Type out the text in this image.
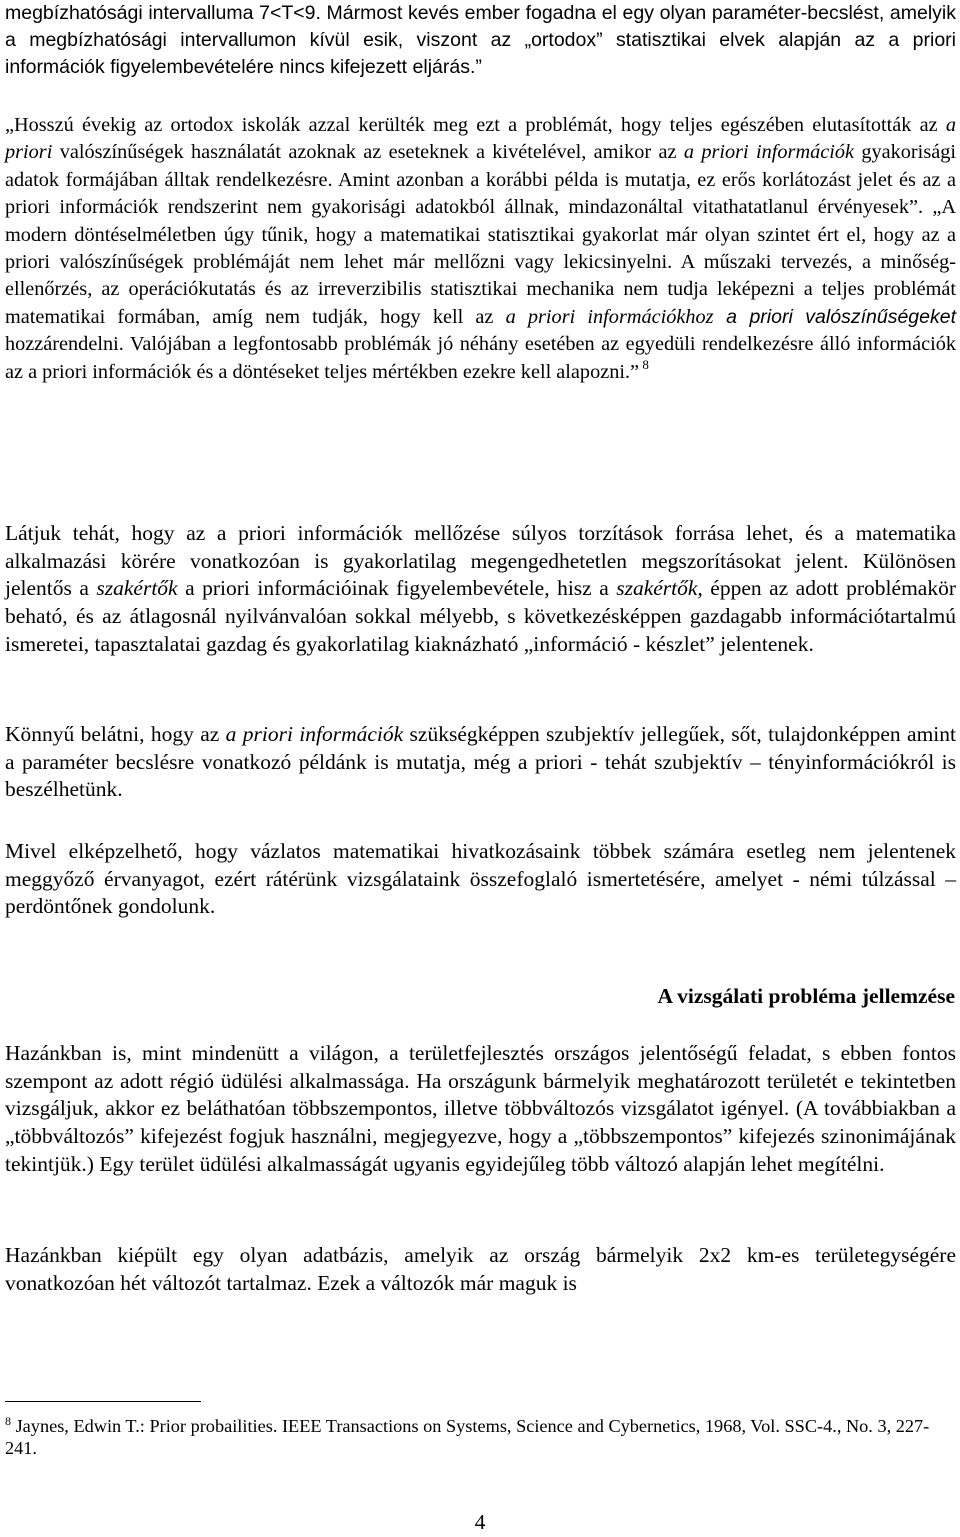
megbízhatósági intervalluma 7<T<9. Mármost kevés ember fogadna el egy olyan paraméter-becslést, amelyik a megbízhatósági intervallumon kívül esik, viszont az „ortodox” statisztikai elvek alapján az a priori információk figyelembevételére nincs kifejezett eljárás.”

„Hosszú évekig az ortodox iskolák azzal kerülték meg ezt a problémát, hogy teljes egészében elutasították az a priori valószínűségek használatát azoknak az eseteknek a kivételével, amikor az a priori információk gyakorisági adatok formájában álltak rendelkezésre. Amint azonban a korábbi példa is mutatja, ez erős korlátozást jelet és az a priori információk rendszerint nem gyakorisági adatokból állnak, mindazonáltal vitathatatlanul érvényesek”. „A modern döntéselméletben úgy tűnik, hogy a matematikai statisztikai gyakorlat már olyan szintet ért el, hogy az a priori valószínűségek problémáját nem lehet már mellőzni vagy lekicsinyelni. A műszaki tervezés, a minőség-ellenőrzés, az operációkutatás és az irreverzibilis statisztikai mechanika nem tudja leképezni a teljes problémát matematikai formában, amíg nem tudják, hogy kell az a priori információkhoz a priori valószínűségeket hozzárendelni. Valójában a legfontosabb problémák jó néhány esetében az egyedüli rendelkezésre álló információk az a priori információk és a döntéseket teljes mértékben ezekre kell alapozni.” $^8$

Látjuk tehát, hogy az a priori információk mellőzése súlyos torzítások forrása lehet, és a matematika alkalmazási körére vonatkozóan is gyakorlatilag megengedhetetlen megszorításokat jelent. Különösen jelentős a szakértők a priori információinak figyelembevétele, hisz a szakértők, éppen az adott problémakör beható, és az átlagosnál nyilvánvalóan sokkal mélyebb, s következésképpen gazdagabb információtartalmú ismeretei, tapasztalatai gazdag és gyakorlatilag kiaknázható „információ - készlet” jelentenek.

Könnyű belátni, hogy az a priori információk szükségképpen szubjektív jellegűek, sőt, tulajdonképpen amint a paraméter becslésre vonatkozó példánk is mutatja, még a priori - tehát szubjektív – tényinformációkról is beszélhetünk.

Mivel elképzelhető, hogy vázlatos matematikai hivatkozásaink többek számára esetleg nem jelentenek meggyőző érvanyagot, ezért rátérünk vizsgálataink összefoglaló ismertetésére, amelyet - némi túlzással – perdöntőnek gondolunk.

A vizsgálati probléma jellemzése

Hazánkban is, mint mindenütt a világon, a területfejlesztés országos jelentőségű feladat, s ebben fontos szempont az adott régió üdülési alkalmassága. Ha országunk bármelyik meghatározott területét e tekintetben vizsgáljuk, akkor ez beláthatóan többszempontos, illetve többváltozós vizsgálatot igényel. (A továbbiakban a „többváltozós” kifejezést fogjuk használni, megjegyezve, hogy a „többszempontos” kifejezés szinonimájának tekintjük.) Egy terület üdülési alkalmasságát ugyanis egyidejűleg több változó alapján lehet megítélni.

Hazánkban kiépült egy olyan adatbázis, amelyik az ország bármelyik 2x2 km-es területegységére vonatkozóan hét változót tartalmaz. Ezek a változók már maguk is

$^8$ Jaynes, Edwin T.: Prior probailities. IEEE Transactions on Systems, Science and Cybernetics, 1968, Vol. SSC-4., No. 3, 227-241.

4
